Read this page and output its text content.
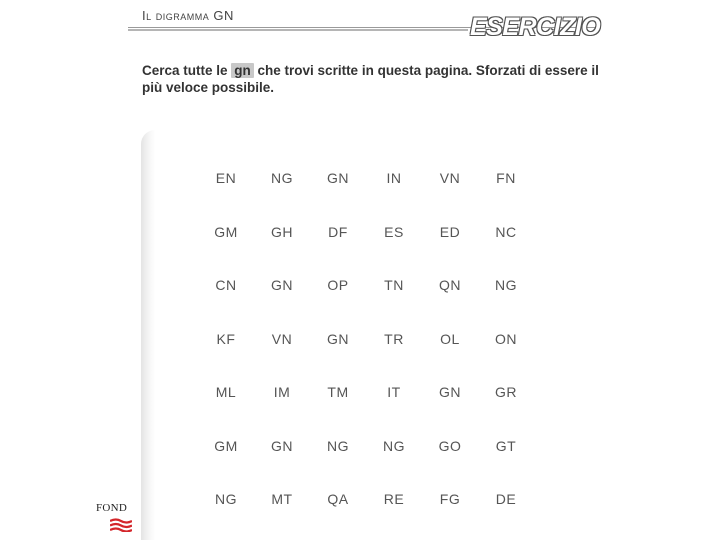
Il digramma GN	ESERCIZIO
Cerca tutte le gn che trovi scritte in questa pagina. Sforzati di essere il più veloce possibile.
EN	NG	GN	IN	VN	FN
GM	GH	DF	ES	ED	NC
CN	GN	OP	TN	QN	NG
KF	VN	GN	TR	OL	ON
ML	IM	TM	IT	GN	GR
GM	GN	NG	NG	GO	GT
NG	MT	QA	RE	FG	DE
FOND
